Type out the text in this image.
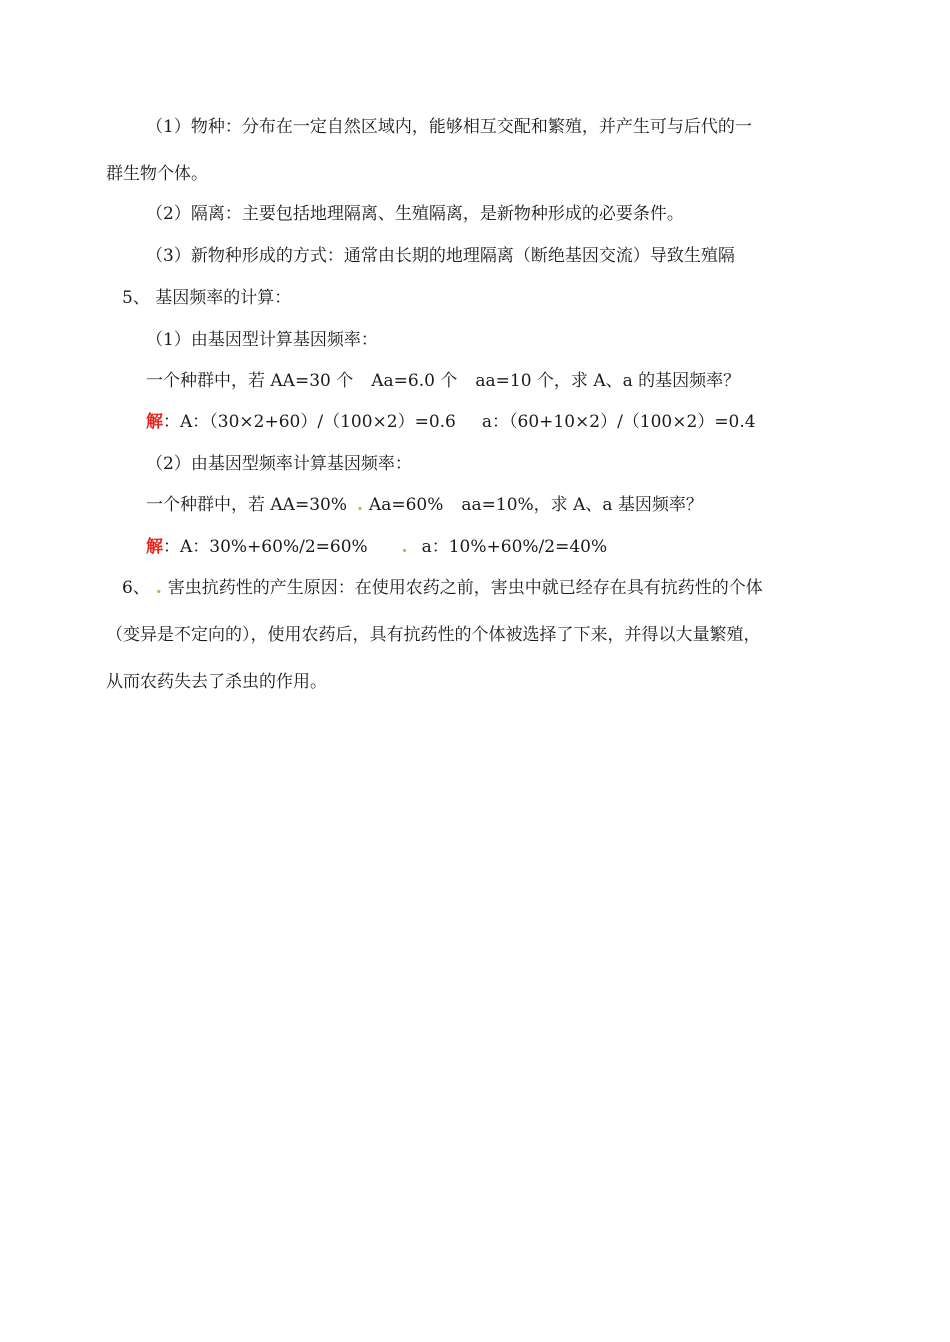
（1）物种：分布在一定自然区域内，能够相互交配和繁殖，并产生可与后代的一
群生物个体。
（2）隔离：主要包括地理隔离、生殖隔离，是新物种形成的必要条件。
（3）新物种形成的方式：通常由长期的地理隔离（断绝基因交流）导致生殖隔
5、 基因频率的计算：
（1）由基因型计算基因频率：
一个种群中，若 AA=30 个 Aa=6.0 个 aa=10 个，求 A、a 的基因频率？
解：A：（30×2+60）/（100×2）=0.6 a：（60+10×2）/（100×2）=0.4
（2）由基因型频率计算基因频率：
一个种群中，若 AA=30% . Aa=60% aa=10%，求 A、a 基因频率？
解：A：30%+60%/2=60% . a：10%+60%/2=40%
6、 . 害虫抗药性的产生原因：在使用农药之前，害虫中就已经存在具有抗药性的个体
（变异是不定向的），使用农药后，具有抗药性的个体被选择了下来，并得以大量繁殖，
从而农药失去了杀虫的作用。
